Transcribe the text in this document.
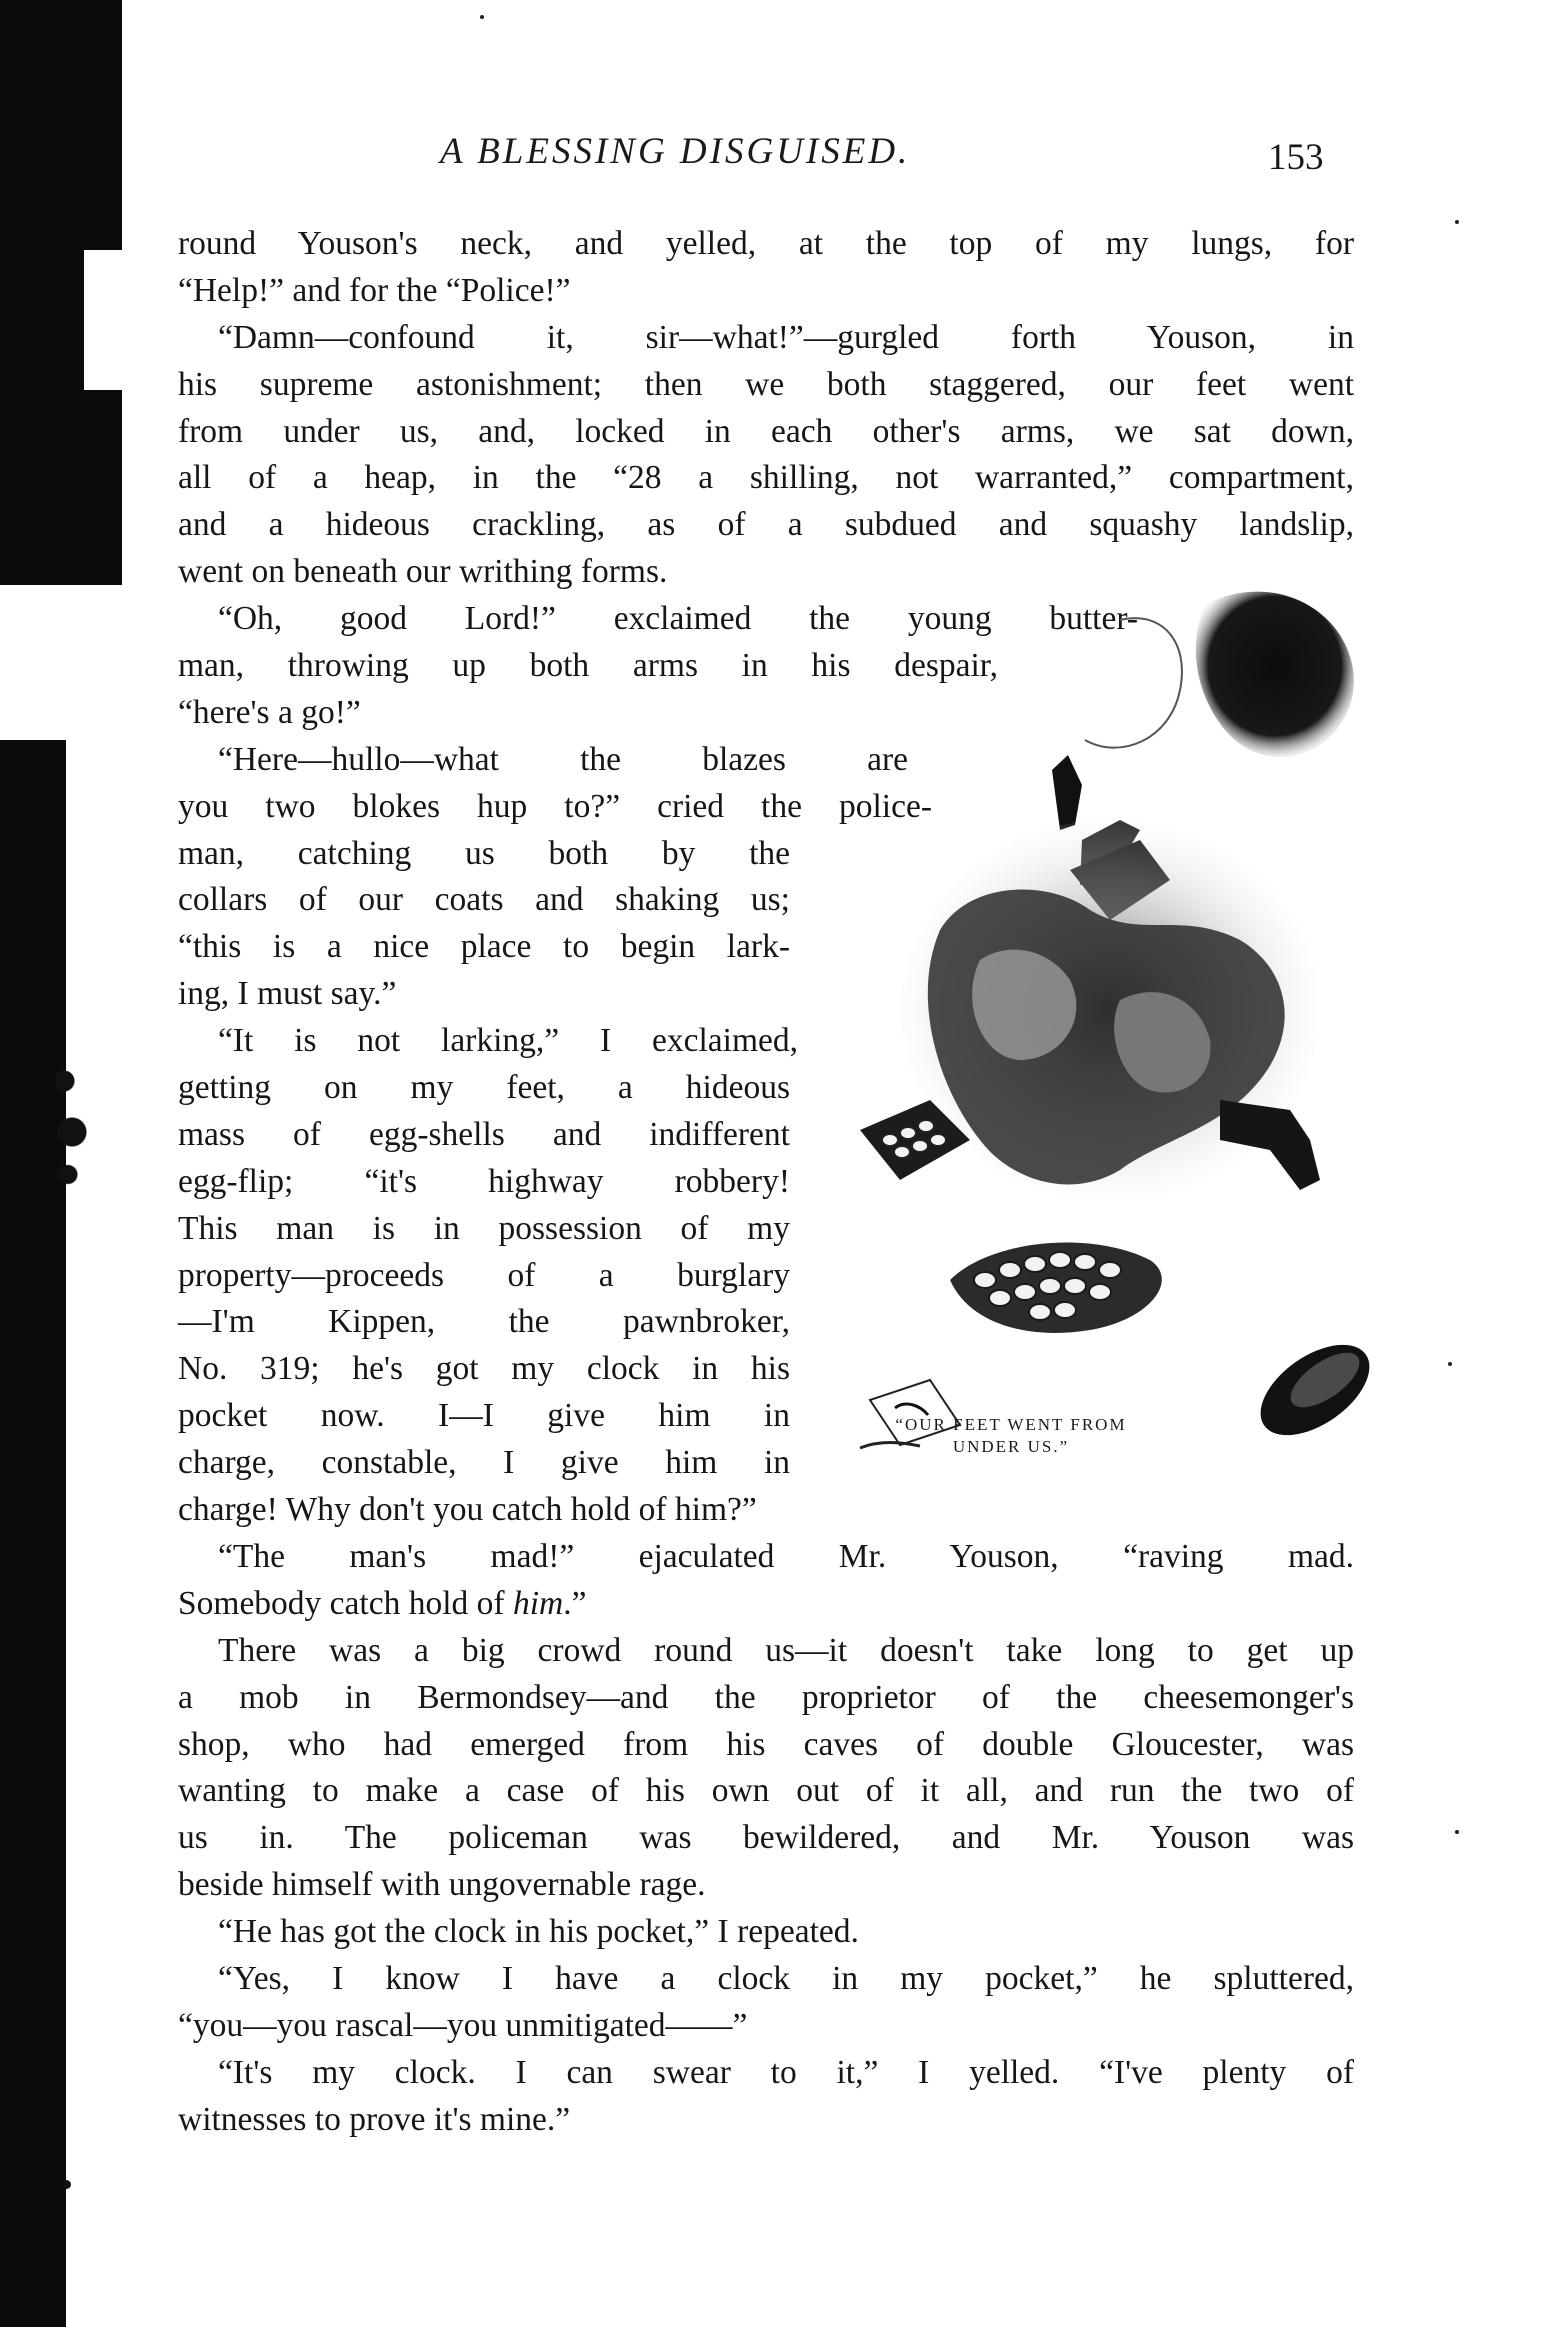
A BLESSING DISGUISED.	153
round Youson's neck, and yelled, at the top of my lungs, for
“Help!” and for the “Police!”
“Damn—confound it, sir—what!”—gurgled forth Youson, in
his supreme astonishment; then we both staggered, our feet went
from under us, and, locked in each other's arms, we sat down,
all of a heap, in the “28 a shilling, not warranted,” compartment,
and a hideous crackling, as of a subdued and squashy landslip,
went on beneath our writhing forms.
“Oh, good Lord!” exclaimed the young butter-
man, throwing up both arms in his despair,
“here's a go!”
“Here—hullo—what the blazes are
you two blokes hup to?” cried the police-
man, catching us both by the
collars of our coats and shaking us;
“this is a nice place to begin lark-
ing, I must say.”
“It is not larking,” I exclaimed,
getting on my feet, a hideous
mass of egg-shells and indifferent
egg-flip; “it's highway robbery!
This man is in possession of my
property—proceeds of a burglary
—I'm Kippen, the pawnbroker,
No. 319; he's got my clock in his
pocket now. I—I give him in
charge, constable, I give him in
charge! Why don't you catch hold of him?”
“The man's mad!” ejaculated Mr. Youson, “raving mad.
Somebody catch hold of him.”
There was a big crowd round us—it doesn't take long to get up
a mob in Bermondsey—and the proprietor of the cheesemonger's
shop, who had emerged from his caves of double Gloucester, was
wanting to make a case of his own out of it all, and run the two of
us in. The policeman was bewildered, and Mr. Youson was
beside himself with ungovernable rage.
“He has got the clock in his pocket,” I repeated.
“Yes, I know I have a clock in my pocket,” he spluttered,
“you—you rascal—you unmitigated——”
“It's my clock. I can swear to it,” I yelled. “I've plenty of
witnesses to prove it's mine.”
“OUR FEET WENT FROM
UNDER US.”
